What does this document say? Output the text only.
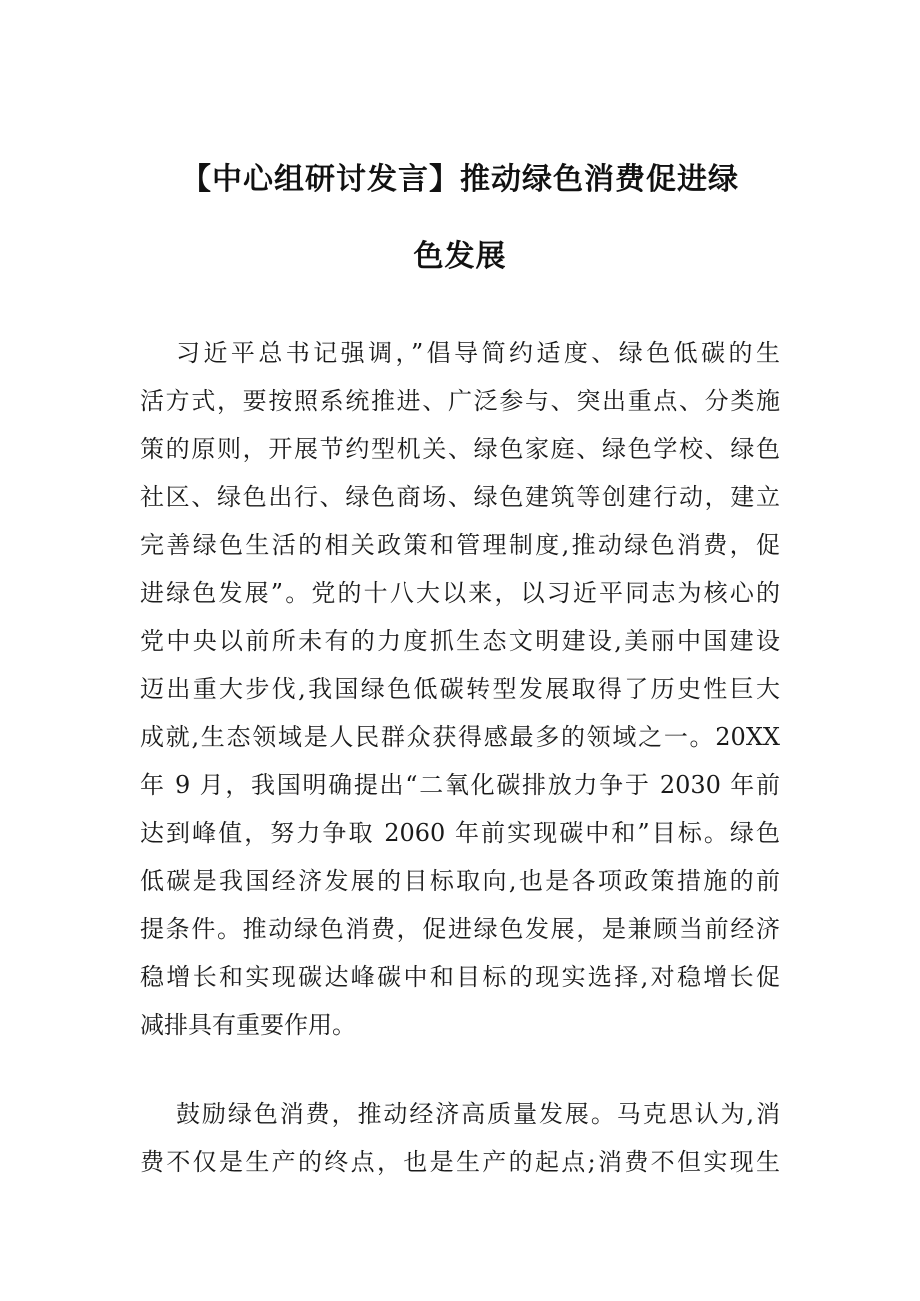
【中心组研讨发言】推动绿色消费促进绿
色发展
习近平总书记强调，”倡导简约适度、绿色低碳的生
活方式，要按照系统推进、广泛参与、突出重点、分类施
策的原则，开展节约型机关、绿色家庭、绿色学校、绿色
社区、绿色出行、绿色商场、绿色建筑等创建行动，建立
完善绿色生活的相关政策和管理制度,推动绿色消费，促
进绿色发展”。党的十八大以来，以习近平同志为核心的
党中央以前所未有的力度抓生态文明建设,美丽中国建设
迈出重大步伐,我国绿色低碳转型发展取得了历史性巨大
成就,生态领域是人民群众获得感最多的领域之一。20XX
年 9 月，我国明确提出“二氧化碳排放力争于 2030 年前
达到峰值，努力争取 2060 年前实现碳中和”目标。绿色
低碳是我国经济发展的目标取向,也是各项政策措施的前
提条件。推动绿色消费，促进绿色发展，是兼顾当前经济
稳增长和实现碳达峰碳中和目标的现实选择,对稳增长促
减排具有重要作用。
鼓励绿色消费，推动经济高质量发展。马克思认为,消
费不仅是生产的终点，也是生产的起点;消费不但实现生
